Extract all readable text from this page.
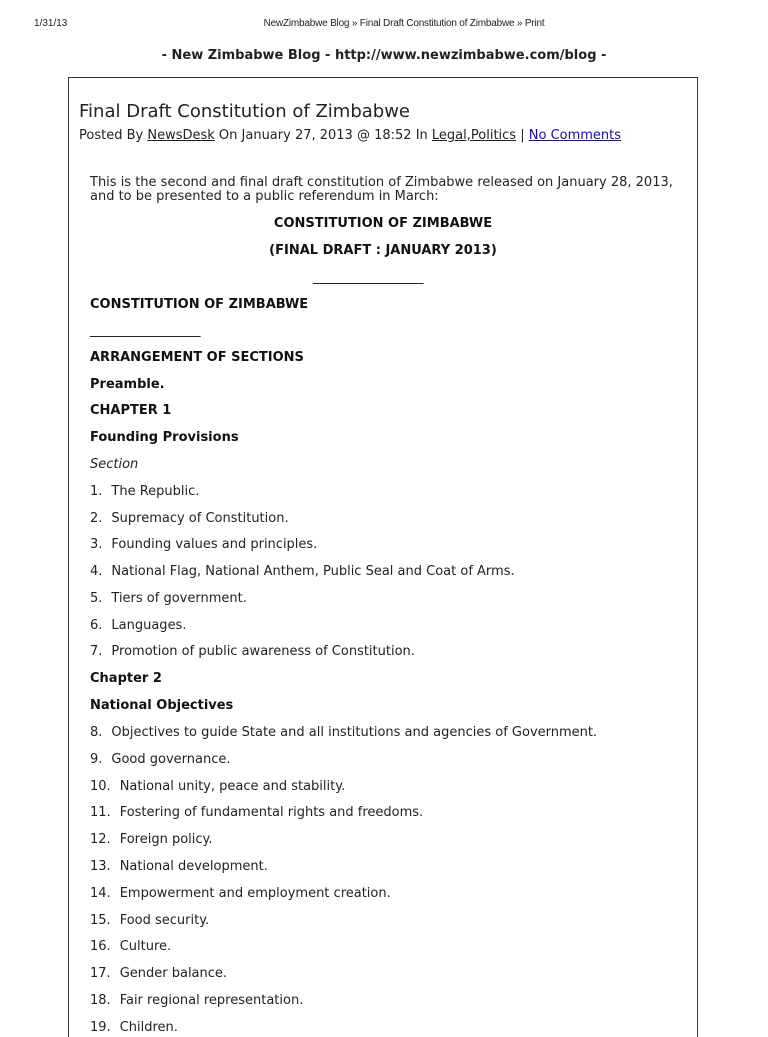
1/31/13	NewZimbabwe Blog » Final Draft Constitution of Zimbabwe » Print
- New Zimbabwe Blog - http://www.newzimbabwe.com/blog -
Final Draft Constitution of Zimbabwe
Posted By NewsDesk On January 27, 2013 @ 18:52 In Legal,Politics | No Comments
This is the second and final draft constitution of Zimbabwe released on January 28, 2013, and to be presented to a public referendum in March:
CONSTITUTION OF ZIMBABWE
(FINAL DRAFT : JANUARY 2013)
_________________
CONSTITUTION OF ZIMBABWE
_________________
ARRANGEMENT OF SECTIONS
Preamble.
CHAPTER 1
Founding Provisions
Section
1. The Republic.
2. Supremacy of Constitution.
3. Founding values and principles.
4. National Flag, National Anthem, Public Seal and Coat of Arms.
5. Tiers of government.
6. Languages.
7. Promotion of public awareness of Constitution.
Chapter 2
National Objectives
8. Objectives to guide State and all institutions and agencies of Government.
9. Good governance.
10. National unity, peace and stability.
11. Fostering of fundamental rights and freedoms.
12. Foreign policy.
13. National development.
14. Empowerment and employment creation.
15. Food security.
16. Culture.
17. Gender balance.
18. Fair regional representation.
19. Children.
